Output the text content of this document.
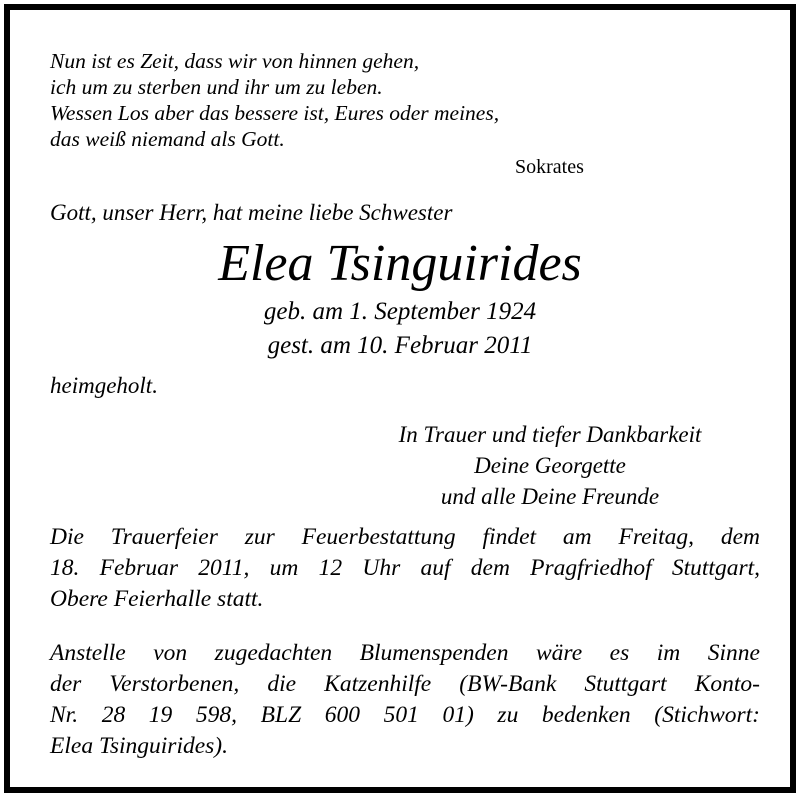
Nun ist es Zeit, dass wir von hinnen gehen,
ich um zu sterben und ihr um zu leben.
Wessen Los aber das bessere ist, Eures oder meines,
das weiß niemand als Gott.
Sokrates
Gott, unser Herr, hat meine liebe Schwester
Elea Tsinguirides
geb. am 1. September 1924
gest. am 10. Februar 2011
heimgeholt.
In Trauer und tiefer Dankbarkeit
Deine Georgette
und alle Deine Freunde
Die Trauerfeier zur Feuerbestattung findet am Freitag, dem
18. Februar 2011, um 12 Uhr auf dem Pragfriedhof Stuttgart,
Obere Feierhalle statt.
Anstelle von zugedachten Blumenspenden wäre es im Sinne
der Verstorbenen, die Katzenhilfe (BW-Bank Stuttgart Konto-
Nr. 28 19 598, BLZ 600 501 01) zu bedenken (Stichwort:
Elea Tsinguirides).
